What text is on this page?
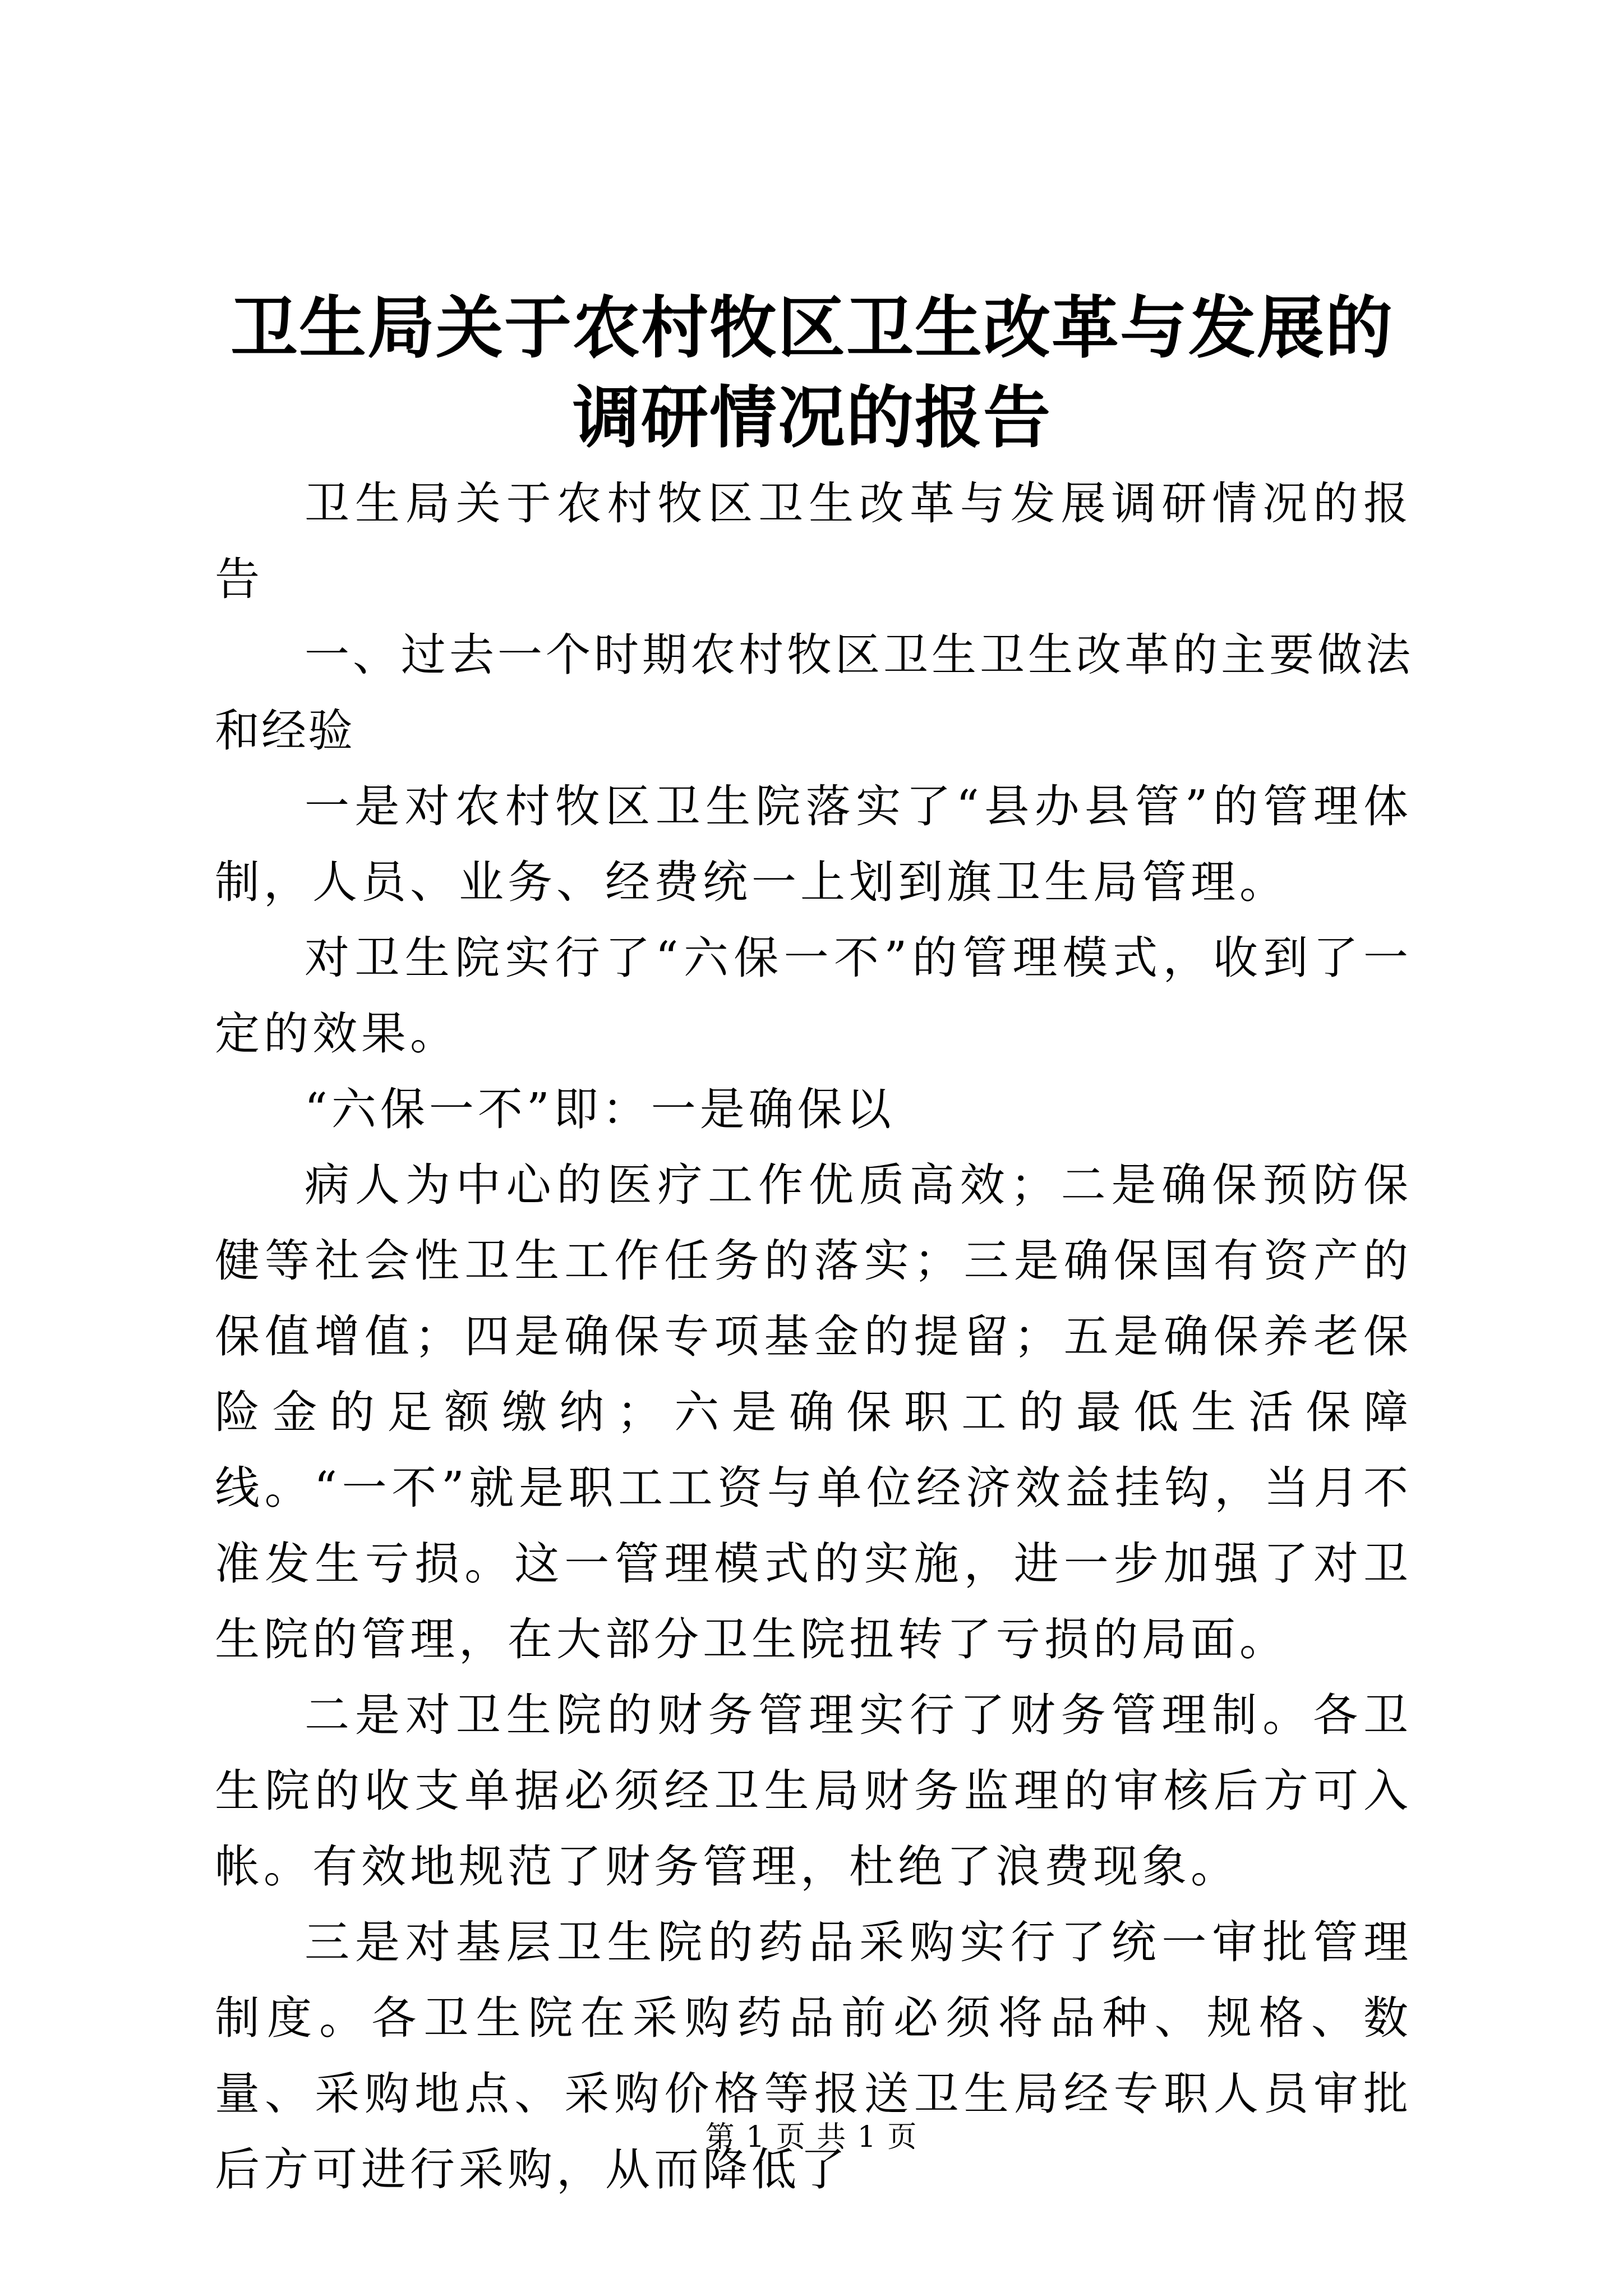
卫生局关于农村牧区卫生改革与发展的调研情况的报告

卫生局关于农村牧区卫生改革与发展调研情况的报告

一、过去一个时期农村牧区卫生卫生改革的主要做法和经验

一是对农村牧区卫生院落实了“县办县管”的管理体制，人员、业务、经费统一上划到旗卫生局管理。

对卫生院实行了“六保一不”的管理模式，收到了一定的效果。

“六保一不”即：一是确保以

病人为中心的医疗工作优质高效；二是确保预防保健等社会性卫生工作任务的落实；三是确保国有资产的保值增值；四是确保专项基金的提留；五是确保养老保险金的足额缴纳；六是确保职工的最低生活保障线。“一不”就是职工工资与单位经济效益挂钩，当月不准发生亏损。这一管理模式的实施，进一步加强了对卫生院的管理，在大部分卫生院扭转了亏损的局面。

二是对卫生院的财务管理实行了财务管理制。各卫生院的收支单据必须经卫生局财务监理的审核后方可入帐。有效地规范了财务管理，杜绝了浪费现象。

三是对基层卫生院的药品采购实行了统一审批管理制度。各卫生院在采购药品前必须将品种、规格、数量、采购地点、采购价格等报送卫生局经专职人员审批后方可进行采购，从而降低了

第 1 页 共 1 页
